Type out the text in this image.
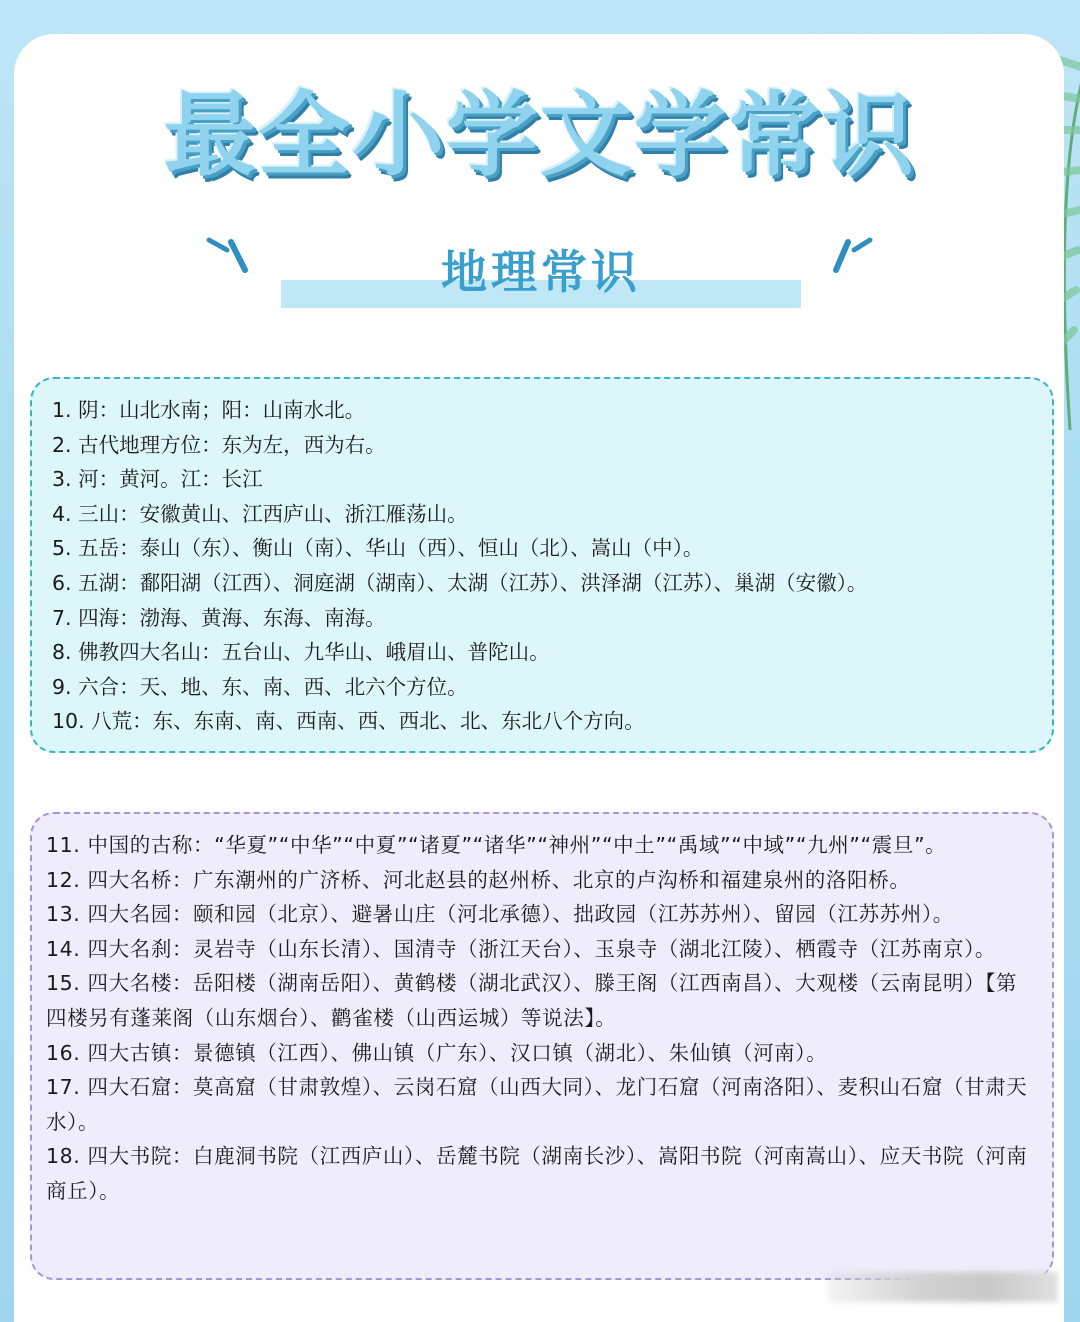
最全小学文学常识
地理常识
1. 阴：山北水南；阳：山南水北。
2. 古代地理方位：东为左，西为右。
3. 河：黄河。江：长江
4. 三山：安徽黄山、江西庐山、浙江雁荡山。
5. 五岳：泰山（东）、衡山（南）、华山（西）、恒山（北）、嵩山（中）。
6. 五湖：鄱阳湖（江西）、洞庭湖（湖南）、太湖（江苏）、洪泽湖（江苏）、巢湖（安徽）。
7. 四海：渤海、黄海、东海、南海。
8. 佛教四大名山：五台山、九华山、峨眉山、普陀山。
9. 六合：天、地、东、南、西、北六个方位。
10. 八荒：东、东南、南、西南、西、西北、北、东北八个方向。
11. 中国的古称：“华夏”“中华”“中夏”“诸夏”“诸华”“神州”“中土”“禹域”“中域”“九州”“震旦”。
12. 四大名桥：广东潮州的广济桥、河北赵县的赵州桥、北京的卢沟桥和福建泉州的洛阳桥。
13. 四大名园：颐和园（北京）、避暑山庄（河北承德）、拙政园（江苏苏州）、留园（江苏苏州）。
14. 四大名刹：灵岩寺（山东长清）、国清寺（浙江天台）、玉泉寺（湖北江陵）、栖霞寺（江苏南京）。
15. 四大名楼：岳阳楼（湖南岳阳）、黄鹤楼（湖北武汉）、滕王阁（江西南昌）、大观楼（云南昆明）【第四楼另有蓬莱阁（山东烟台）、鹳雀楼（山西运城）等说法】。
16. 四大古镇：景德镇（江西）、佛山镇（广东）、汉口镇（湖北）、朱仙镇（河南）。
17. 四大石窟：莫高窟（甘肃敦煌）、云岗石窟（山西大同）、龙门石窟（河南洛阳）、麦积山石窟（甘肃天水）。
18. 四大书院：白鹿洞书院（江西庐山）、岳麓书院（湖南长沙）、嵩阳书院（河南嵩山）、应天书院（河南商丘）。
